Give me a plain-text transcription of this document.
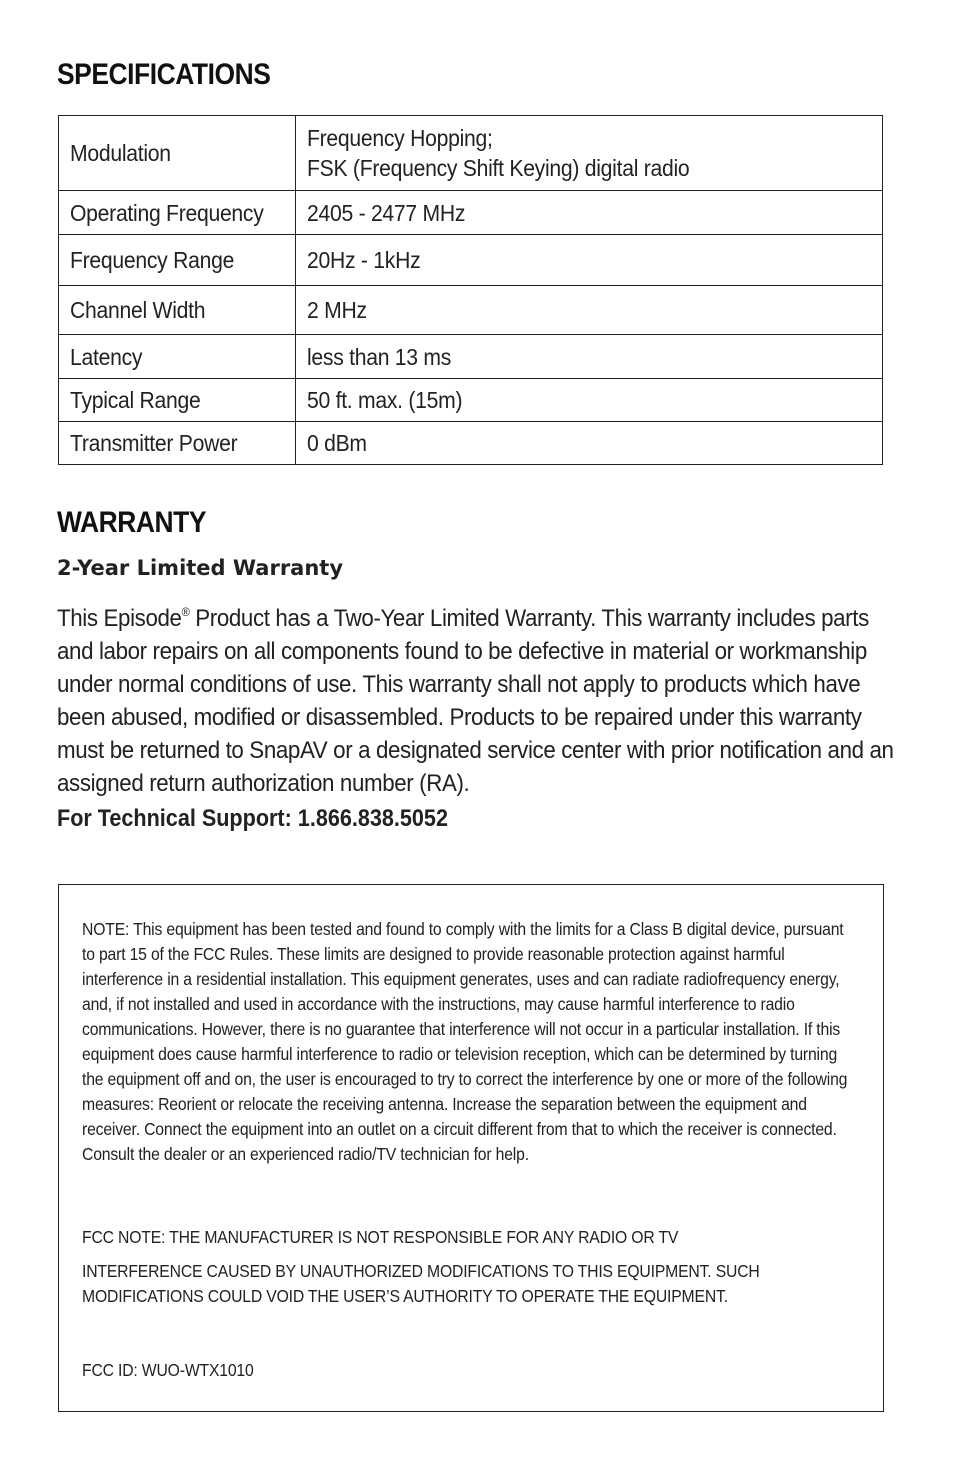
SPECIFICATIONS
Modulation	Frequency Hopping;
FSK (Frequency Shift Keying) digital radio

Operating Frequency	2405 - 2477 MHz
Frequency Range	20Hz - 1kHz
Channel Width	2 MHz
Latency	less than 13 ms
Typical Range	50 ft. max. (15m)
Transmitter Power	0 dBm
WARRANTY
2-Year Limited Warranty

This Episode® Product has a Two-Year Limited Warranty. This warranty includes parts and labor repairs on all components found to be defective in material or workmanship under normal conditions of use. This warranty shall not apply to products which have been abused, modified or disassembled. Products to be repaired under this warranty must be returned to SnapAV or a designated service center with prior notification and an assigned return authorization number (RA).

For Technical Support: 1.866.838.5052

NOTE: This equipment has been tested and found to comply with the limits for a Class B digital device, pursuant to part 15 of the FCC Rules. These limits are designed to provide reasonable protection against harmful interference in a residential installation. This equipment generates, uses and can radiate radiofrequency energy, and, if not installed and used in accordance with the instructions, may cause harmful interference to radio communications. However, there is no guarantee that interference will not occur in a particular installation. If this equipment does cause harmful interference to radio or television reception, which can be determined by turning the equipment off and on, the user is encouraged to try to correct the interference by one or more of the following measures: Reorient or relocate the receiving antenna. Increase the separation between the equipment and receiver. Connect the equipment into an outlet on a circuit different from that to which the receiver is connected. Consult the dealer or an experienced radio/TV technician for help.

FCC NOTE: THE MANUFACTURER IS NOT RESPONSIBLE FOR ANY RADIO OR TV

INTERFERENCE CAUSED BY UNAUTHORIZED MODIFICATIONS TO THIS EQUIPMENT. SUCH MODIFICATIONS COULD VOID THE USER’S AUTHORITY TO OPERATE THE EQUIPMENT.

FCC ID: WUO-WTX1010
